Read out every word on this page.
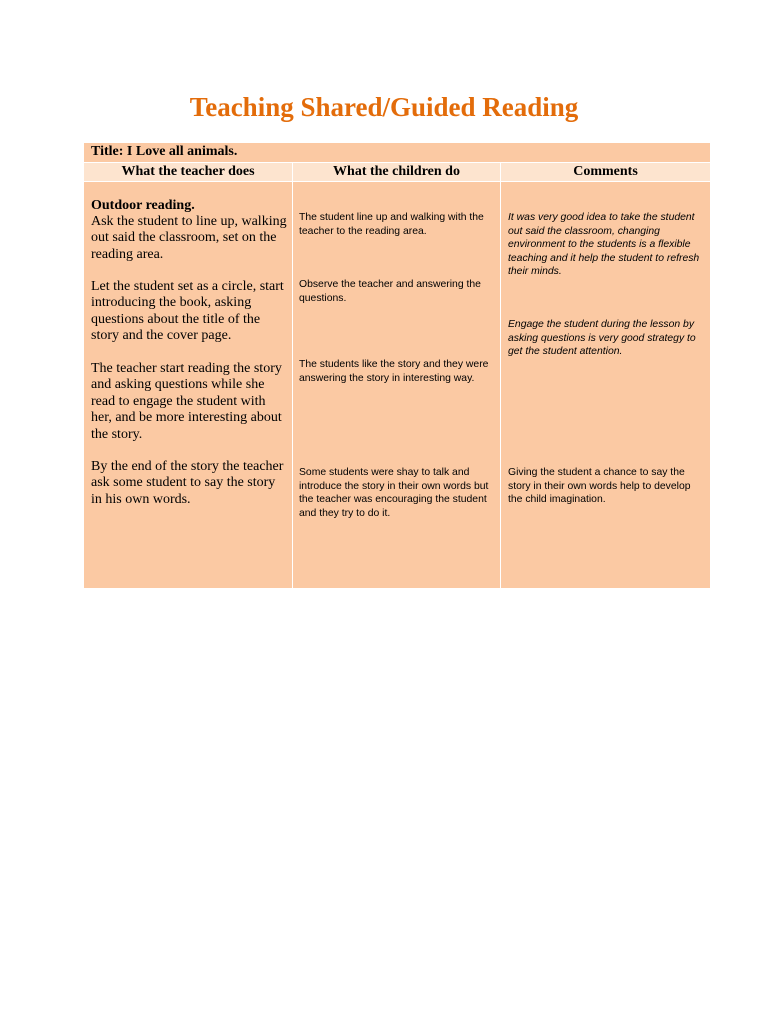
Teaching Shared/Guided Reading
Title: I Love all animals.
What the teacher does	What the children do	Comments
Outdoor reading.
Ask the student to line up, walking out said the classroom, set on the reading area.
Let the student set as a circle, start introducing the book, asking questions about the title of the story and the cover page.
The teacher start reading the story and asking questions while she read to engage the student with her, and be more interesting about the story.
By the end of the story the teacher ask some student to say the story in his own words.
The student line up and walking with the teacher to the reading area.
Observe the teacher and answering the questions.
The students like the story and they were answering the story in interesting way.
Some students were shay to talk and introduce the story in their own words but the teacher was encouraging the student and they try to do it.
It was very good idea to take the student out said the classroom, changing environment to the students is a flexible teaching and it help the student to refresh their minds.
Engage the student during the lesson by asking questions is very good strategy to get the student attention.
Giving the student a chance to say the story in their own words help to develop the child imagination.
